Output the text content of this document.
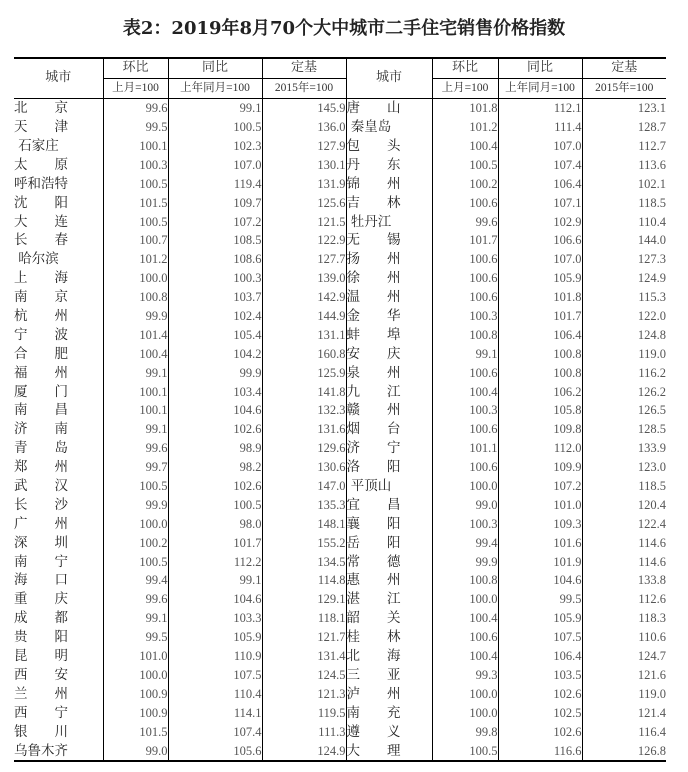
表2：2019年8月70个大中城市二手住宅销售价格指数
城市	环比	同比	定基	城市	环比	同比	定基
	上月=100	上年同月=100	2015年=100		上月=100	上年同月=100	2015年=100
北　　京	99.6	99.1	145.9	唐　　山	101.8	112.1	123.1
天　　津	99.5	100.5	136.0	秦皇岛	101.2	111.4	128.7
石家庄	100.1	102.3	127.9	包　　头	100.4	107.0	112.7
太　　原	100.3	107.0	130.1	丹　　东	100.5	107.4	113.6
呼和浩特	100.5	119.4	131.9	锦　　州	100.2	106.4	102.1
沈　　阳	101.5	109.7	125.6	吉　　林	100.6	107.1	118.5
大　　连	100.5	107.2	121.5	牡丹江	99.6	102.9	110.4
长　　春	100.7	108.5	122.9	无　　锡	101.7	106.6	144.0
哈尔滨	101.2	108.6	127.7	扬　　州	100.6	107.0	127.3
上　　海	100.0	100.3	139.0	徐　　州	100.6	105.9	124.9
南　　京	100.8	103.7	142.9	温　　州	100.6	101.8	115.3
杭　　州	99.9	102.4	144.9	金　　华	100.3	101.7	122.0
宁　　波	101.4	105.4	131.1	蚌　　埠	100.8	106.4	124.8
合　　肥	100.4	104.2	160.8	安　　庆	99.1	100.8	119.0
福　　州	99.1	99.9	125.9	泉　　州	100.6	100.8	116.2
厦　　门	100.1	103.4	141.8	九　　江	100.4	106.2	126.2
南　　昌	100.1	104.6	132.3	赣　　州	100.3	105.8	126.5
济　　南	99.1	102.6	131.6	烟　　台	100.6	109.8	128.5
青　　岛	99.6	98.9	129.6	济　　宁	101.1	112.0	133.9
郑　　州	99.7	98.2	130.6	洛　　阳	100.6	109.9	123.0
武　　汉	100.5	102.6	147.0	平顶山	100.0	107.2	118.5
长　　沙	99.9	100.5	135.3	宜　　昌	99.0	101.0	120.4
广　　州	100.0	98.0	148.1	襄　　阳	100.3	109.3	122.4
深　　圳	100.2	101.7	155.2	岳　　阳	99.4	101.6	114.6
南　　宁	100.5	112.2	134.5	常　　德	99.9	101.9	114.6
海　　口	99.4	99.1	114.8	惠　　州	100.8	104.6	133.8
重　　庆	99.6	104.6	129.1	湛　　江	100.0	99.5	112.6
成　　都	99.1	103.3	118.1	韶　　关	100.4	105.9	118.3
贵　　阳	99.5	105.9	121.7	桂　　林	100.6	107.5	110.6
昆　　明	101.0	110.9	131.4	北　　海	100.4	106.4	124.7
西　　安	100.0	107.5	124.5	三　　亚	99.3	103.5	121.6
兰　　州	100.9	110.4	121.3	泸　　州	100.0	102.6	119.0
西　　宁	100.9	114.1	119.5	南　　充	100.0	102.5	121.4
银　　川	101.5	107.4	111.3	遵　　义	99.8	102.6	116.4
乌鲁木齐	99.0	105.6	124.9	大　　理	100.5	116.6	126.8
